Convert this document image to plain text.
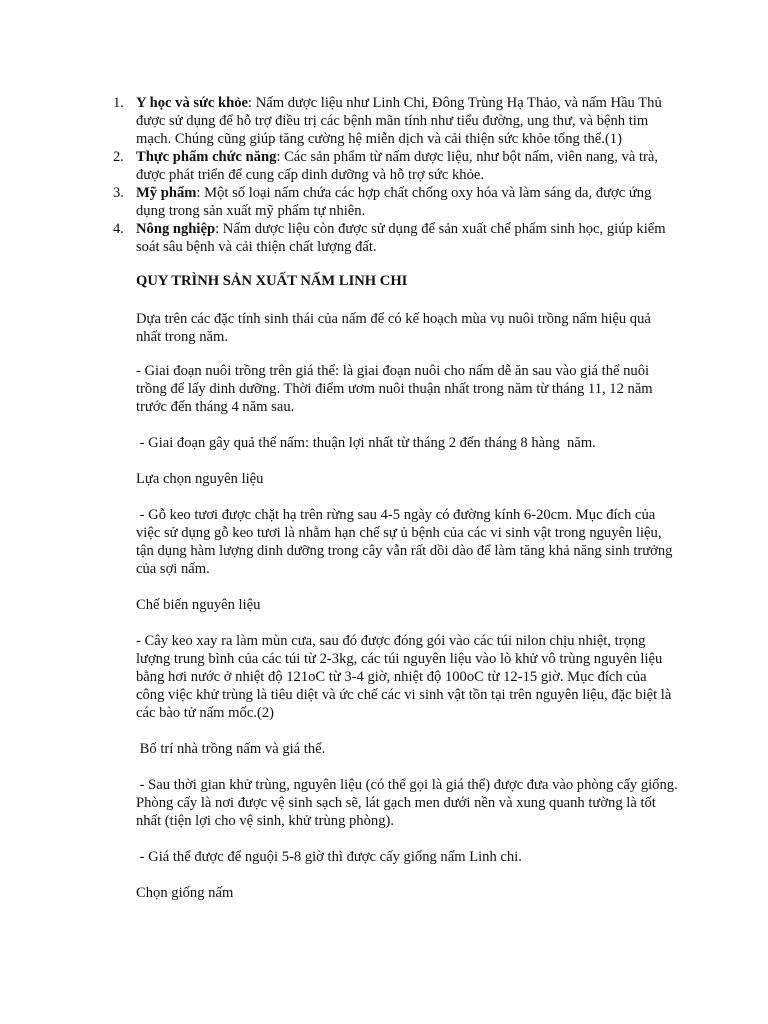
1. Y học và sức khỏe: Nấm dược liệu như Linh Chi, Đông Trùng Hạ Thảo, và nấm Hầu Thủ được sử dụng để hỗ trợ điều trị các bệnh mãn tính như tiểu đường, ung thư, và bệnh tim mạch. Chúng cũng giúp tăng cường hệ miễn dịch và cải thiện sức khỏe tổng thể.(1)
2. Thực phẩm chức năng: Các sản phẩm từ nấm dược liệu, như bột nấm, viên nang, và trà, được phát triển để cung cấp dinh dưỡng và hỗ trợ sức khỏe.
3. Mỹ phẩm: Một số loại nấm chứa các hợp chất chống oxy hóa và làm sáng da, được ứng dụng trong sản xuất mỹ phẩm tự nhiên.
4. Nông nghiệp: Nấm dược liệu còn được sử dụng để sản xuất chế phẩm sinh học, giúp kiểm soát sâu bệnh và cải thiện chất lượng đất.
QUY TRÌNH SẢN XUẤT NẤM LINH CHI

Dựa trên các đặc tính sinh thái của nấm để có kế hoạch mùa vụ nuôi trồng nấm hiệu quả nhất trong năm.

- Giai đoạn nuôi trồng trên giá thể: là giai đoạn nuôi cho nấm dễ ăn sau vào giá thể nuôi trồng để lấy dinh dưỡng. Thời điểm ươm nuôi thuận nhất trong năm từ tháng 11, 12 năm trước đến tháng 4 năm sau.

- Giai đoạn gây quả thể nấm: thuận lợi nhất từ tháng 2 đến tháng 8 hàng  năm.

Lựa chọn nguyên liệu

- Gỗ keo tươi được chặt hạ trên rừng sau 4-5 ngày có đường kính 6-20cm. Mục đích của việc sử dụng gỗ keo tươi là nhằm hạn chế sự ủ bệnh của các vi sinh vật trong nguyên liệu, tận dụng hàm lượng dinh dưỡng trong cây vẫn rất dồi dào để làm tăng khả năng sinh trưởng của sợi nấm.

Chế biến nguyên liệu

- Cây keo xay ra làm mùn cưa, sau đó được đóng gói vào các túi nilon chịu nhiệt, trọng lượng trung bình của các túi từ 2-3kg, các túi nguyên liệu vào lò khử vô trùng nguyên liệu bằng hơi nước ở nhiệt độ 121oC từ 3-4 giờ, nhiệt độ 100oC từ 12-15 giờ. Mục đích của công việc khử trùng là tiêu diệt và ức chế các vi sinh vật tồn tại trên nguyên liệu, đặc biệt là các bào tử nấm mốc.(2)

Bố trí nhà trồng nấm và giá thể.

- Sau thời gian khử trùng, nguyên liệu (có thể gọi là giá thể) được đưa vào phòng cấy giống. Phòng cấy là nơi được vệ sinh sạch sẽ, lát gạch men dưới nền và xung quanh tường là tốt nhất (tiện lợi cho vệ sinh, khử trùng phòng).

- Giá thể được để nguội 5-8 giờ thì được cấy giống nấm Linh chi.

Chọn giống nấm
